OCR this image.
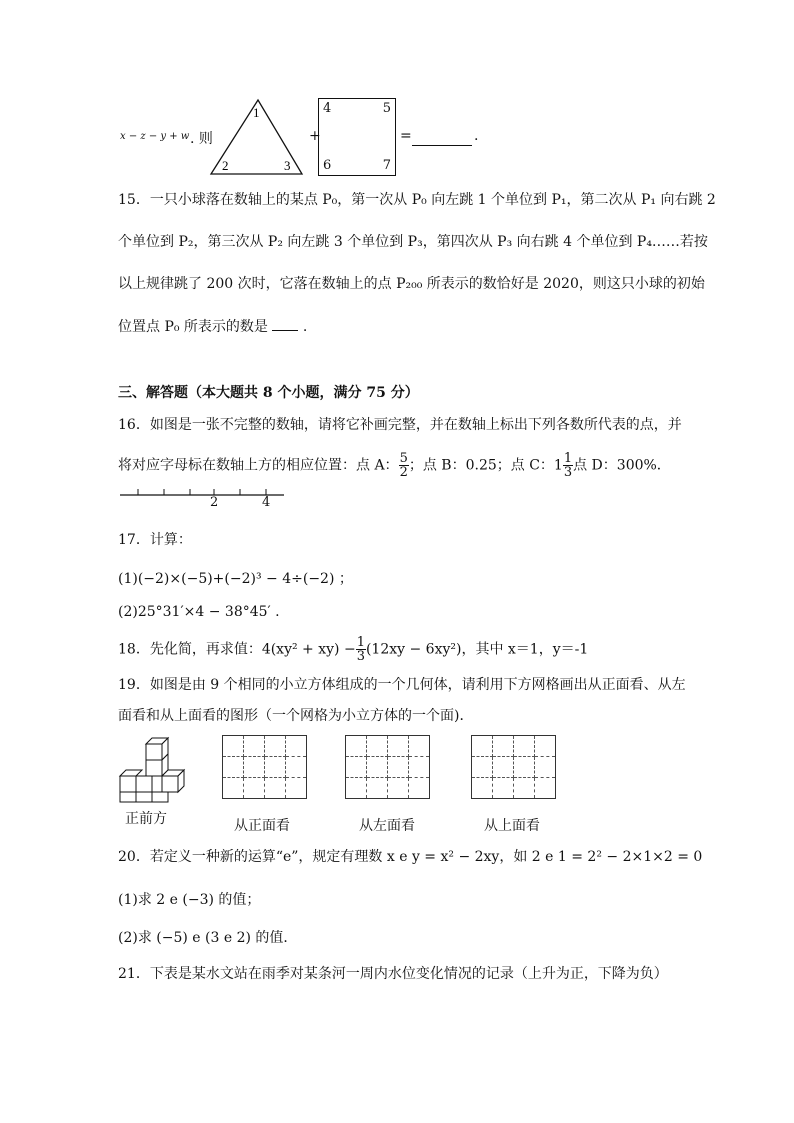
x − z − y + w . 则
1
2	3
+
4	5
6	7
=	.
15．一只小球落在数轴上的某点 P₀，第一次从 P₀ 向左跳 1 个单位到 P₁，第二次从 P₁ 向右跳 2
个单位到 P₂，第三次从 P₂ 向左跳 3 个单位到 P₃，第四次从 P₃ 向右跳 4 个单位到 P₄……若按
以上规律跳了 200 次时，它落在数轴上的点 P₂₀₀ 所表示的数恰好是 2020，则这只小球的初始
位置点 P₀ 所表示的数是 .
三、解答题（本大题共 8 个小题，满分 75 分）
16．如图是一张不完整的数轴，请将它补画完整，并在数轴上标出下列各数所代表的点，并
将对应字母标在数轴上方的相应位置：点 A： $\frac{5}{2}$ ；点 B：0.25；点 C：$1 \frac{1}{3}$ 点 D：300%．
2	4
17．计算：
(1)(−2)×(−5)+(−2)³ − 4÷(−2) ；
(2)25°31′×4 − 38°45′ .
18．先化简，再求值：$4(xy^2 + xy) - \frac{1}{3} (12xy - 6xy^2)$，其中 x＝1，y＝-1
19．如图是由 9 个相同的小立方体组成的一个几何体，请利用下方网格画出从正面看、从左
面看和从上面看的图形（一个网格为小立方体的一个面)．
正前方

				从正面看

				从左面看

				从上面看
20．若定义一种新的运算“e”，规定有理数 x e y = x² − 2xy，如 2 e 1 = 2² − 2×1×2 = 0
(1)求 2 e (−3) 的值；
(2)求 (−5) e (3 e 2) 的值．
21．下表是某水文站在雨季对某条河一周内水位变化情况的记录（上升为正，下降为负）
